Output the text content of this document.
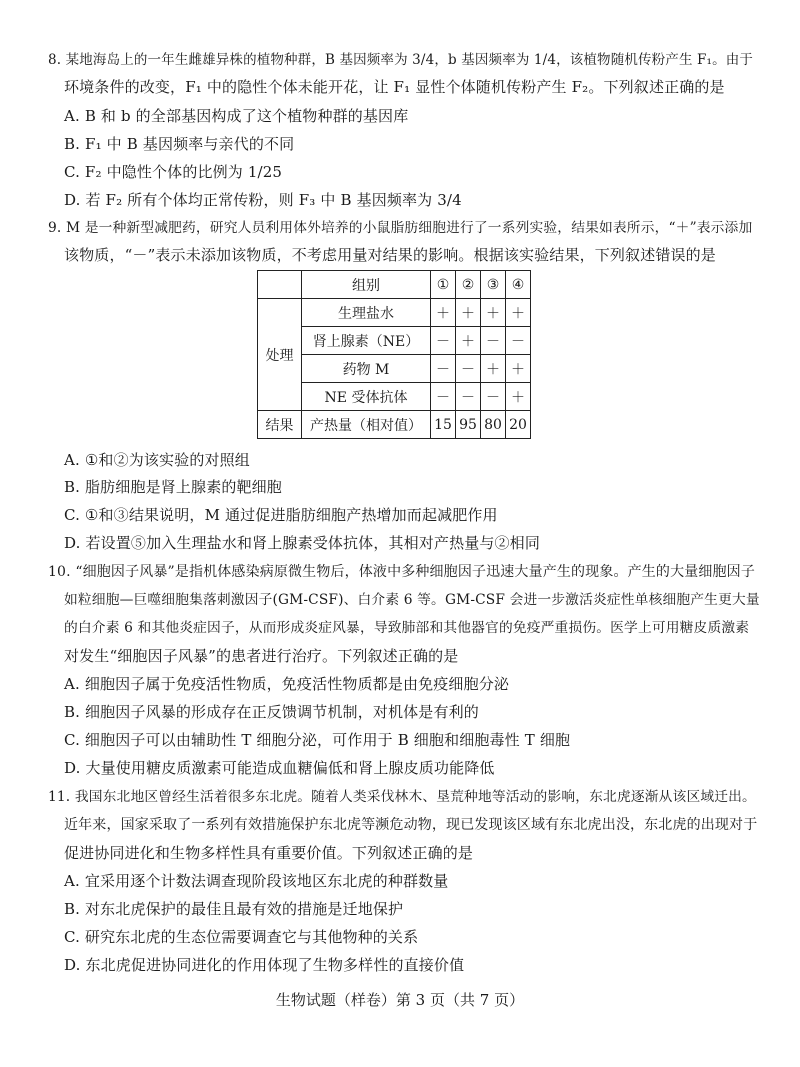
8. 某地海岛上的一年生雌雄异株的植物种群，B 基因频率为 3/4，b 基因频率为 1/4，该植物随机传粉产生 F₁。由于
环境条件的改变，F₁ 中的隐性个体未能开花，让 F₁ 显性个体随机传粉产生 F₂。下列叙述正确的是
A. B 和 b 的全部基因构成了这个植物种群的基因库
B. F₁ 中 B 基因频率与亲代的不同
C. F₂ 中隐性个体的比例为 1/25
D. 若 F₂ 所有个体均正常传粉，则 F₃ 中 B 基因频率为 3/4
9. M 是一种新型减肥药，研究人员利用体外培养的小鼠脂肪细胞进行了一系列实验，结果如表所示，“＋”表示添加
该物质，“－”表示未添加该物质，不考虑用量对结果的影响。根据该实验结果，下列叙述错误的是
	组别	①	②	③	④
处理	生理盐水	＋	＋	＋	＋
	肾上腺素（NE）	－	＋	－	－
	药物 M	－	－	＋	＋
	NE 受体抗体	－	－	－	＋
结果	产热量（相对值）	15	95	80	20
A. ①和②为该实验的对照组
B. 脂肪细胞是肾上腺素的靶细胞
C. ①和③结果说明，M 通过促进脂肪细胞产热增加而起减肥作用
D. 若设置⑤加入生理盐水和肾上腺素受体抗体，其相对产热量与②相同
10. “细胞因子风暴”是指机体感染病原微生物后，体液中多种细胞因子迅速大量产生的现象。产生的大量细胞因子
如粒细胞—巨噬细胞集落刺激因子(GM-CSF)、白介素 6 等。GM-CSF 会进一步激活炎症性单核细胞产生更大量
的白介素 6 和其他炎症因子，从而形成炎症风暴，导致肺部和其他器官的免疫严重损伤。医学上可用糖皮质激素
对发生“细胞因子风暴”的患者进行治疗。下列叙述正确的是
A. 细胞因子属于免疫活性物质，免疫活性物质都是由免疫细胞分泌
B. 细胞因子风暴的形成存在正反馈调节机制，对机体是有利的
C. 细胞因子可以由辅助性 T 细胞分泌，可作用于 B 细胞和细胞毒性 T 细胞
D. 大量使用糖皮质激素可能造成血糖偏低和肾上腺皮质功能降低
11. 我国东北地区曾经生活着很多东北虎。随着人类采伐林木、垦荒种地等活动的影响，东北虎逐渐从该区域迁出。
近年来，国家采取了一系列有效措施保护东北虎等濒危动物，现已发现该区域有东北虎出没，东北虎的出现对于
促进协同进化和生物多样性具有重要价值。下列叙述正确的是
A. 宜采用逐个计数法调查现阶段该地区东北虎的种群数量
B. 对东北虎保护的最佳且最有效的措施是迁地保护
C. 研究东北虎的生态位需要调查它与其他物种的关系
D. 东北虎促进协同进化的作用体现了生物多样性的直接价值
生物试题（样卷）第 3 页（共 7 页）
